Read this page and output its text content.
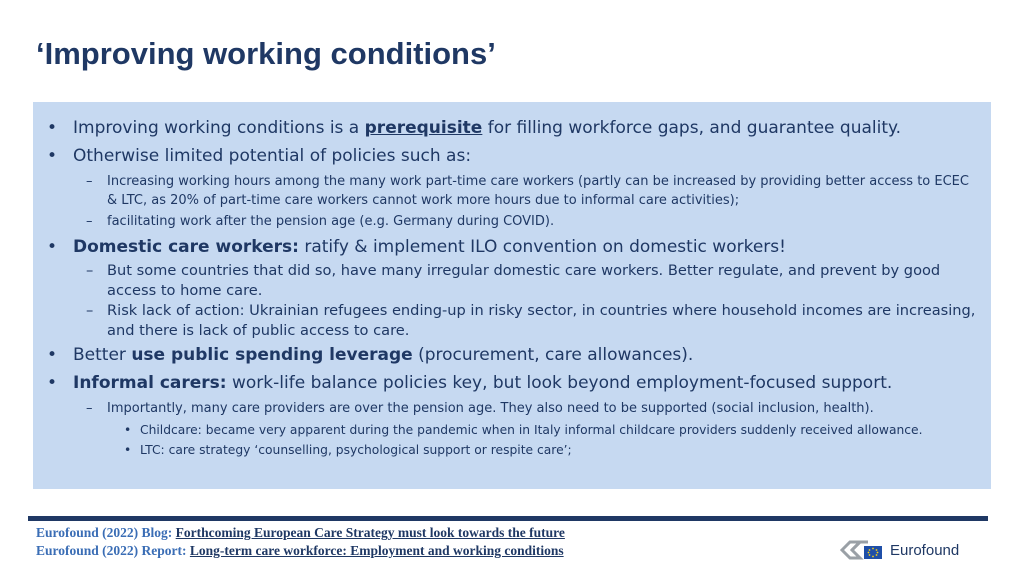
‘Improving working conditions’
• Improving working conditions is a prerequisite for filling workforce gaps, and guarantee quality.
• Otherwise limited potential of policies such as:
– Increasing working hours among the many work part-time care workers (partly can be increased by providing better access to ECEC & LTC, as 20% of part-time care workers cannot work more hours due to informal care activities);
– facilitating work after the pension age (e.g. Germany during COVID).
• Domestic care workers: ratify & implement ILO convention on domestic workers!
– But some countries that did so, have many irregular domestic care workers. Better regulate, and prevent by good access to home care.
– Risk lack of action: Ukrainian refugees ending-up in risky sector, in countries where household incomes are increasing, and there is lack of public access to care.
• Better use public spending leverage (procurement, care allowances).
• Informal carers: work-life balance policies key, but look beyond employment-focused support.
– Importantly, many care providers are over the pension age. They also need to be supported (social inclusion, health).
• Childcare: became very apparent during the pandemic when in Italy informal childcare providers suddenly received allowance.
• LTC: care strategy ‘counselling, psychological support or respite care’;
Eurofound (2022) Blog: Forthcoming European Care Strategy must look towards the future
Eurofound (2022) Report: Long-term care workforce: Employment and working conditions	Eurofound
